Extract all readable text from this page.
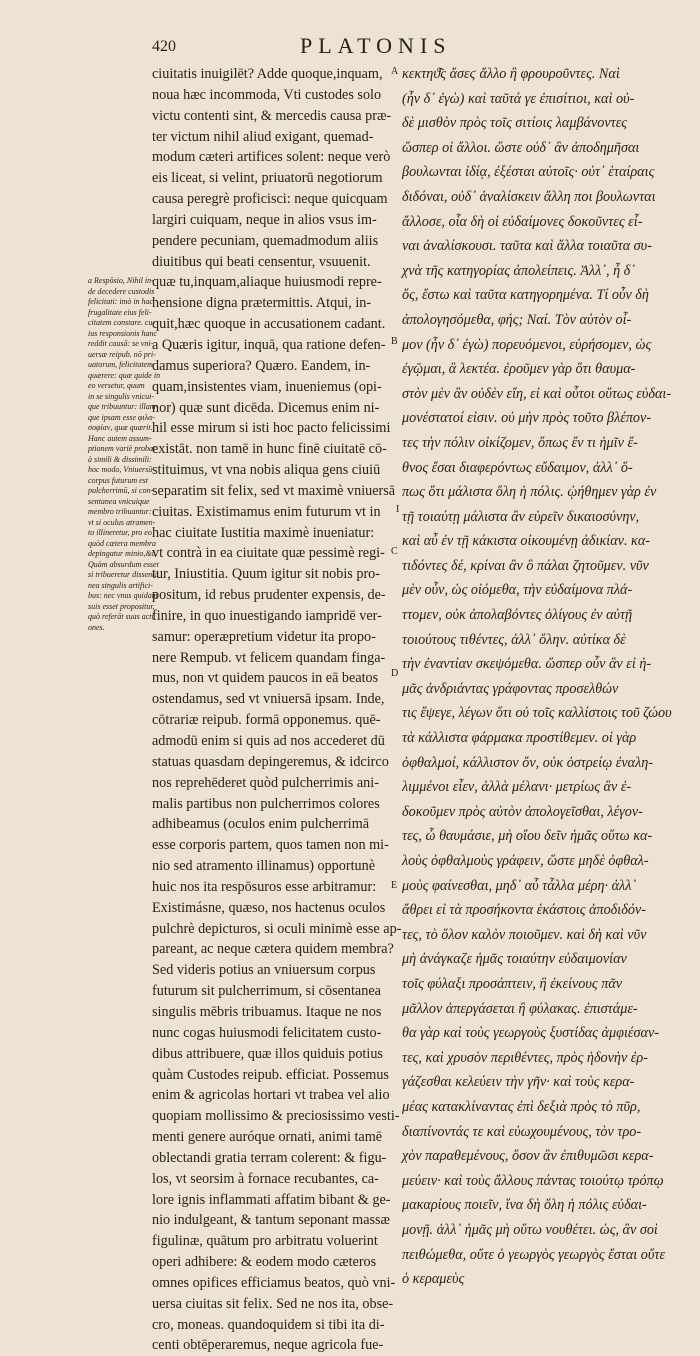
420	PLATONIS
a Respōsio, Nihil in-
de decedere custodis
felicitati: imò in hac
frugalitate eius feli-
citatem constare. cu-
ius responsionis hanc
reddit causā: se vni-
uersæ reipub. nō pri-
uatorum, felicitatem
quærere: quæ quide in
eo versetur, quum
in se singulis vnicui-
que tribuuntur: illam-
que ipsam esse φιλα-
σοφίαν, quæ quærit.
Hanc autem assum-
ptionem variè probat
à simili & dissimili:
hoc modo, Vniuersū
corpus futurum est
pulcherrimū, si con-
sentanea vnicuique
membro tribuantur:
vt si oculus atramen-
to illineretur, pro eo
quòd cætera membra
depingatur minio,&c.
Quàm absurdum esset
si tribueretur dissenta
nea singulis artifici-
bus: nec vnus quidam
suis esset propositur,
quò referāt suas acti
ones.
ciuitatis inuigilēt? Adde quoque,inquam,
noua hæc incommoda, Vti custodes solo
victu contenti sint, & mercedis causa præ-
ter victum nihil aliud exigant, quemad-
modum cæteri artifices solent: neque verò
eis liceat, si velint, priuatorū negotiorum
causa peregrè proficisci: neque quicquam
largiri cuiquam, neque in alios vsus im-
pendere pecuniam, quemadmodum aliis
diuitibus qui beati censentur, vsuuenit.
quæ tu,inquam,aliaque huiusmodi repre-
hensione digna prætermittis. Atqui, in-
quit,hæc quoque in accusationem cadant.
a Quæris igitur, inquā, qua ratione defen-
damus superiora? Quæro. Eandem, in-
quam,insistentes viam, inueniemus (opi-
nor) quæ sunt dicēda. Dicemus enim ni-
hil esse mirum si isti hoc pacto felicissimi
existāt. non tamē in hunc finē ciuitatē cō-
stituimus, vt vna nobis aliqua gens ciuiū
separatim sit felix, sed vt maximè vniuersā
ciuitas. Existimamus enim futurum vt in
hac ciuitate Iustitia maximè inueniatur:
vt contrà in ea ciuitate quæ pessimè regi-
tur, Iniustitia. Quum igitur sit nobis pro-
positum, id rebus prudenter expensis, de-
finire, in quo inuestigando iampridē ver-
samur: operæpretium videtur ita propo-
nere Rempub. vt felicem quandam finga-
mus, non vt quidem paucos in eā beatos
ostendamus, sed vt vniuersā ipsam. Inde,
cōtrariæ reipub. formā opponemus. quē-
admodū enim si quis ad nos accederet dū
statuas quasdam depingeremus, & idcirco
nos reprehēderet quòd pulcherrimis ani-
malis partibus non pulcherrimos colores
adhibeamus (oculos enim pulcherrimā
esse corporis partem, quos tamen non mi-
nio sed atramento illinamus) opportunè
huic nos ita respōsuros esse arbitramur:
Existimásne, quæso, nos hactenus oculos
pulchrè depicturos, si oculi minimè esse ap-
pareant, ac neque cætera quidem membra?
Sed videris potius an vniuersum corpus
futurum sit pulcherrimum, si cōsentanea
singulis mēbris tribuamus. Itaque ne nos
nunc cogas huiusmodi felicitatem custo-
dibus attribuere, quæ illos quiduis potius
quàm Custodes reipub. efficiat. Possemus
enim & agricolas hortari vt trabea vel alio
quopiam mollissimo & preciosissimo vesti-
menti genere auróque ornati, animi tamē
oblectandi gratia terram colerent: & figu-
los, vt seorsim à fornace recubantes, ca-
lore ignis inflammati affatim bibant & ge-
nio indulgeant, & tantum seponant massæ
figulinæ, quātum pro arbitratu voluerint
operi adhibere: & eodem modo cæteros
omnes opifices efficiamus beatos, quò vni-
uersa ciuitas sit felix. Sed ne nos ita, obse-
cro, moneas. quandoquidem si tibi ita di-
centi obtēperaremus, neque agricola fue-
κεκτηϑ͂ς ἄσεϛ ἄλλο ἢ φρουροῦντες. Ναὶ
(ἦν δ᾽ ἐγὼ) καὶ ταῦτά γε ἐπισίτιοι, καὶ οὐ-
δὲ μισθὸν πρὸς τοῖς σιτίοις λαμβάνοντες
ὥσπερ οἱ ἄλλοι. ὥστε οὐδ᾽ ἂν ἀποδημῆσαι
βουλωνται ἰδίᾳ, ἐξέσται αὐτοῖς· οὐτ᾽ ἑταίραις
διδόναι, οὐδ᾽ ἀναλίσκειν ἄλλη ποι βουλωνται
ἄλλοσε, οἷα δὴ οἱ εὐδαίμονες δοκοῦντες εἶ-
ναι ἀναλίσκουσι. ταῦτα καὶ ἄλλα τοιαῦτα συ-
χνὰ τῆς κατηγορίας ἀπολείπεις. Ἀλλ᾽, ἦ δ᾽
ὅς, ἔστω καὶ ταῦτα κατηγορημένα. Τί οὖν δὴ
ἀπολογησόμεθα, φής; Ναί. Τὸν αὐτὸν οἶ-
μον (ἦν δ᾽ ἐγὼ) πορευόμενοι, εὑρήσομεν, ὡς
ἐγῷμαι, ἃ λεκτέα. ἐροῦμεν γὰρ ὅτι θαυμα-
στὸν μὲν ἂν οὐδὲν εἴη, εἰ καὶ οὗτοι οὕτως εὐδαι-
μονέστατοί εἰσιν. οὐ μὴν πρὸς τοῦτο βλέπον-
τες τὴν πόλιν οἰκίζομεν, ὅπως ἔν τι ἡμῖν ἔ-
θνος ἔσαι διαφερόντως εὔδαιμον, ἀλλ᾽ ὅ-
πως ὅτι μάλιστα ὅλη ἡ πόλις. ᾠήθημεν γὰρ ἐν
τῇ τοιαύτῃ μάλιστα ἂν εὑρεῖν δικαιοσύνην,
καὶ αὖ ἐν τῇ κάκιστα οἰκουμένῃ ἀδικίαν. κα-
τιδόντες δέ, κρίναι ἂν ὃ πάλαι ζητοῦμεν. νῦν
μὲν οὖν, ὡς οἰόμεθα, τὴν εὐδαίμονα πλά-
ττομεν, οὐκ ἀπολαβόντες ὀλίγους ἐν αὐτῇ
τοιούτους τιθέντες, ἀλλ᾽ ὅλην. αὐτίκα δὲ
τὴν ἐναντίαν σκεψόμεθα. ὥσπερ οὖν ἂν εἰ ἡ-
μᾶς ἀνδριάντας γράφοντας προσελθών
τις ἔψεγε, λέγων ὅτι οὐ τοῖς καλλίστοις τοῦ ζώου
τὰ κάλλιστα φάρμακα προστίθεμεν. οἱ γὰρ
ὀφθαλμοί, κάλλιστον ὄν, οὐκ ὀστρείῳ ἐναλη-
λιμμένοι εἶεν, ἀλλὰ μέλανι· μετρίως ἂν ἐ-
δοκοῦμεν πρὸς αὐτὸν ἀπολογεῖσθαι, λέγον-
τες, ὦ θαυμάσιε, μὴ οἴου δεῖν ἡμᾶς οὕτω κα-
λοὺς ὀφθαλμοὺς γράφειν, ὥστε μηδὲ ὀφθαλ-
μοὺς φαίνεσθαι, μηδ᾽ αὖ τἆλλα μέρη· ἀλλ᾽
ἄθρει εἰ τὰ προσήκοντα ἑκάστοις ἀποδιδόν-
τες, τὸ ὅλον καλὸν ποιοῦμεν. καὶ δὴ καὶ νῦν
μὴ ἀνάγκαζε ἡμᾶς τοιαύτην εὐδαιμονίαν
τοῖς φύλαξι προσάπτειν, ἣ ἐκείνους πᾶν
μᾶλλον ἀπεργάσεται ἢ φύλακας. ἐπιστάμε-
θα γὰρ καὶ τοὺς γεωργοὺς ξυστίδας ἀμφιέσαν-
τες, καὶ χρυσὸν περιθέντες, πρὸς ἡδονὴν ἐρ-
γάζεσθαι κελεύειν τὴν γῆν· καὶ τοὺς κερα-
μέας κατακλίναντας ἐπὶ δεξιὰ πρὸς τὸ πῦρ,
διαπίνοντάς τε καὶ εὐωχουμένους, τὸν τρο-
χὸν παραθεμένους, ὅσον ἂν ἐπιθυμῶσι κερα-
μεύειν· καὶ τοὺς ἄλλους πάντας τοιούτῳ τρόπῳ
μακαρίους ποιεῖν, ἵνα δὴ ὅλη ἡ πόλις εὐδαι-
μονῇ. ἀλλ᾽ ἡμᾶς μὴ οὕτω νουθέτει. ὡς, ἂν σοὶ
πειθώμεθα, οὔτε ὁ γεωργὸς γεωργὸς ἔσται οὔτε
ὁ κεραμεὺς
A
B
I
C
D
E
